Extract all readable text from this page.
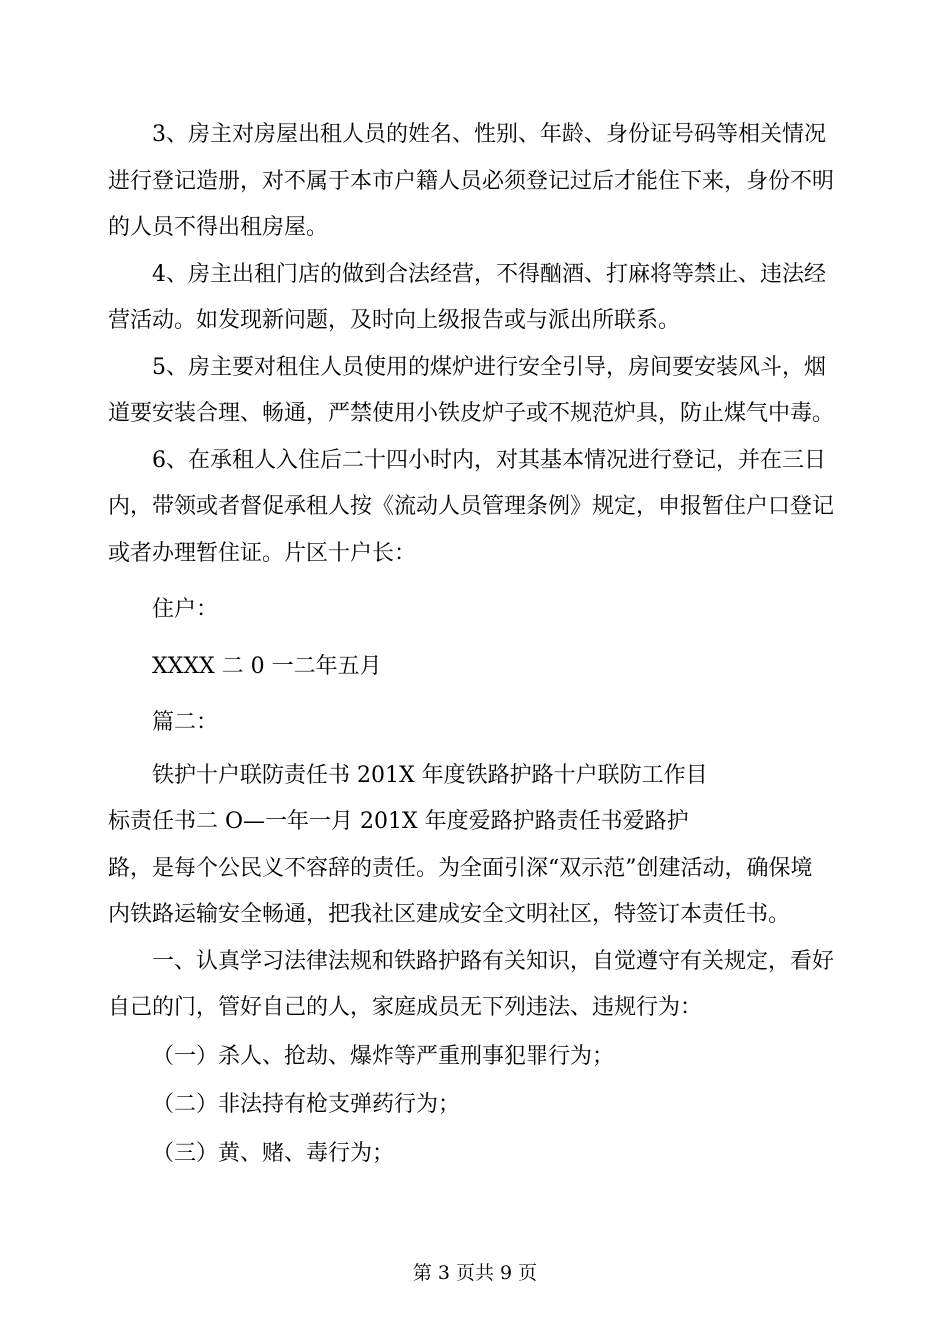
3、房主对房屋出租人员的姓名、性别、年龄、身份证号码等相关情况进行登记造册，对不属于本市户籍人员必须登记过后才能住下来，身份不明的人员不得出租房屋。

4、房主出租门店的做到合法经营，不得酗酒、打麻将等禁止、违法经营活动。如发现新问题，及时向上级报告或与派出所联系。

5、房主要对租住人员使用的煤炉进行安全引导，房间要安装风斗，烟道要安装合理、畅通，严禁使用小铁皮炉子或不规范炉具，防止煤气中毒。

6、在承租人入住后二十四小时内，对其基本情况进行登记，并在三日内，带领或者督促承租人按《流动人员管理条例》规定，申报暂住户口登记或者办理暂住证。片区十户长：

住户：

XXXX 二 0 一二年五月

篇二：

铁护十户联防责任书 201X 年度铁路护路十户联防工作目

标责任书二 O—一年一月 201X 年度爱路护路责任书爱路护

路，是每个公民义不容辞的责任。为全面引深“双示范”创建活动，确保境内铁路运输安全畅通，把我社区建成安全文明社区，特签订本责任书。

一、认真学习法律法规和铁路护路有关知识，自觉遵守有关规定，看好自己的门，管好自己的人，家庭成员无下列违法、违规行为：

（一）杀人、抢劫、爆炸等严重刑事犯罪行为；

（二）非法持有枪支弹药行为；

（三）黄、赌、毒行为；

第 3 页共 9 页
